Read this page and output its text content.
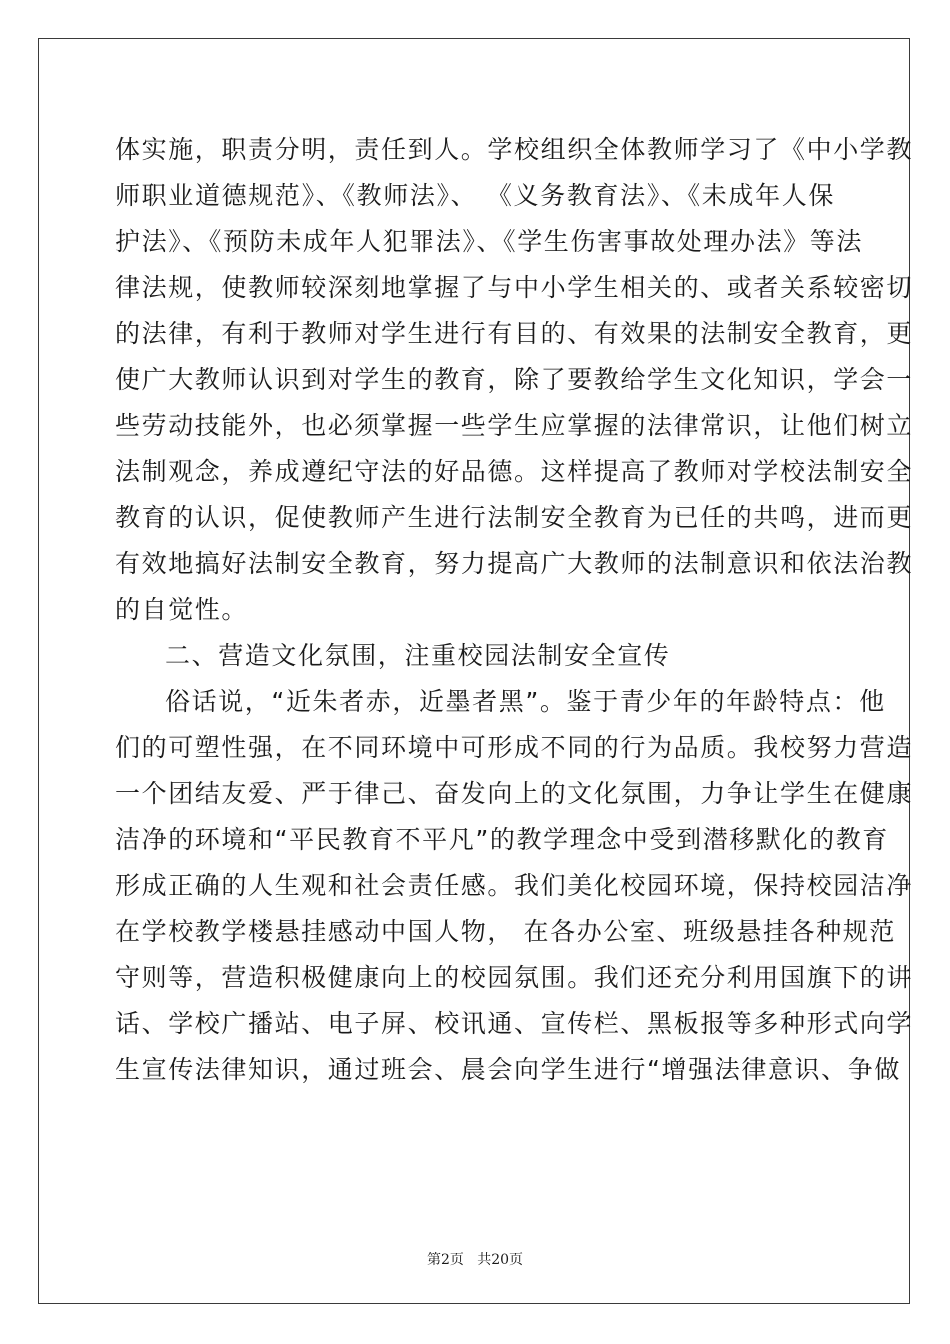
体实施，职责分明，责任到人。学校组织全体教师学习了《中小学教
师职业道德规范》、《教师法》、 《义务教育法》、《未成年人保
护法》、《预防未成年人犯罪法》、《学生伤害事故处理办法》等法
律法规，使教师较深刻地掌握了与中小学生相关的、或者关系较密切
的法律，有利于教师对学生进行有目的、有效果的法制安全教育，更
使广大教师认识到对学生的教育，除了要教给学生文化知识，学会一
些劳动技能外，也必须掌握一些学生应掌握的法律常识，让他们树立
法制观念，养成遵纪守法的好品德。这样提高了教师对学校法制安全
教育的认识，促使教师产生进行法制安全教育为已任的共鸣，进而更
有效地搞好法制安全教育，努力提高广大教师的法制意识和依法治教
的自觉性。
二、营造文化氛围，注重校园法制安全宣传
俗话说，“近朱者赤，近墨者黑”。鉴于青少年的年龄特点：他
们的可塑性强，在不同环境中可形成不同的行为品质。我校努力营造
一个团结友爱、严于律己、奋发向上的文化氛围，力争让学生在健康
洁净的环境和“平民教育不平凡”的教学理念中受到潜移默化的教育
形成正确的人生观和社会责任感。我们美化校园环境，保持校园洁净
在学校教学楼悬挂感动中国人物， 在各办公室、班级悬挂各种规范
守则等，营造积极健康向上的校园氛围。我们还充分利用国旗下的讲
话、学校广播站、电子屏、校讯通、宣传栏、黑板报等多种形式向学
生宣传法律知识，通过班会、晨会向学生进行“增强法律意识、争做
第2页   共20页
